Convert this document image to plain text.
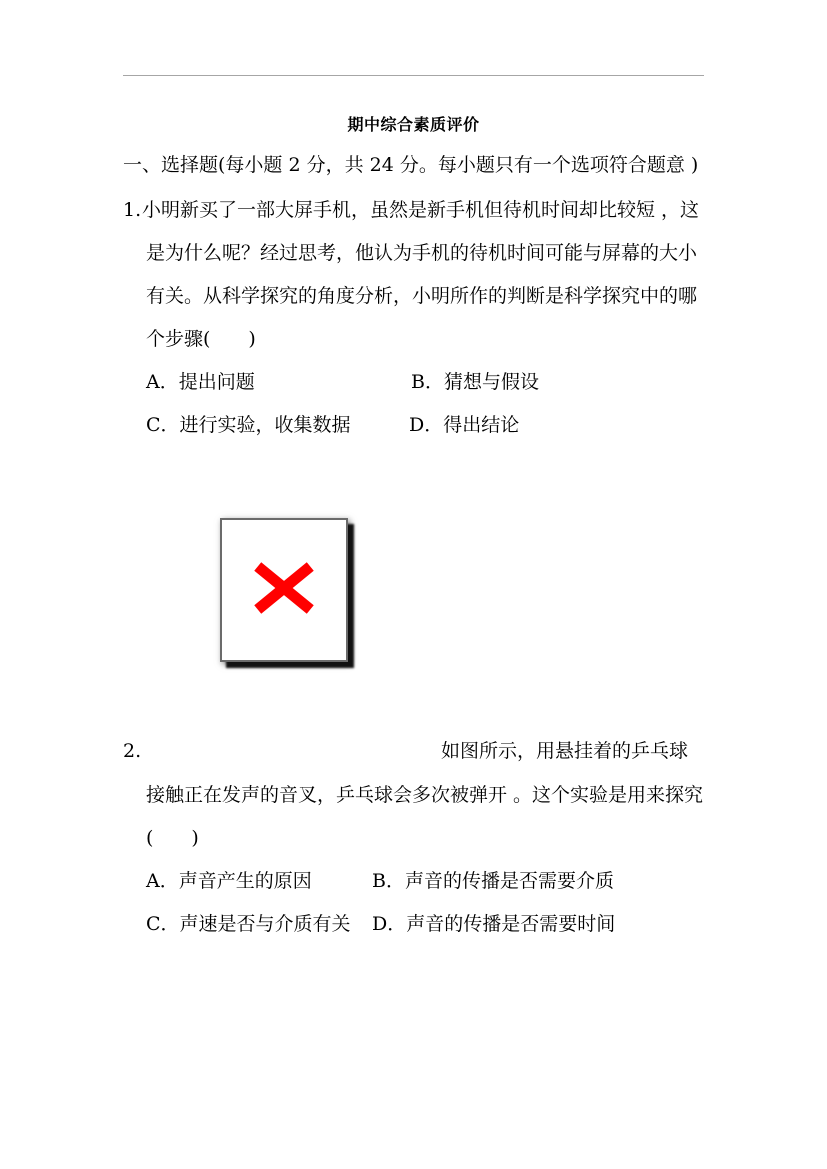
期中综合素质评价
一、选择题(每小题 2 分，共 24 分。每小题只有一个选项符合题意 )
1. 小明新买了一部大屏手机，虽然是新手机但待机时间却比较短 ，这
是为什么呢？经过思考，他认为手机的待机时间可能与屏幕的大小
有关。从科学探究的角度分析，小明所作的判断是科学探究中的哪
个步骤(　　)
A．提出问题	B．猜想与假设
C．进行实验，收集数据	D．得出结论
2.	如图所示，用悬挂着的乒乓球
接触正在发声的音叉，乒乓球会多次被弹开 。这个实验是用来探究
(　　)
A．声音产生的原因	B．声音的传播是否需要介质
C．声速是否与介质有关 D．声音的传播是否需要时间
